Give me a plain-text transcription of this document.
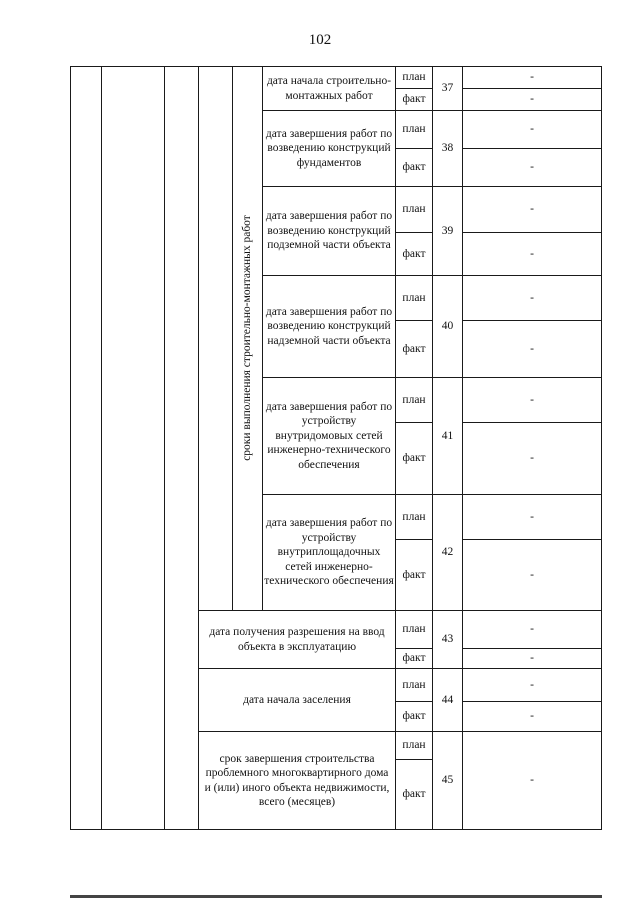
102
сроки выполнения строительно-монтажных работ
дата начала строительно-монтажных работ
план
факт
37
-
-
дата завершения работ по возведению конструкций фундаментов
план
факт
38
-
-
дата завершения работ по возведению конструкций подземной части объекта
план
факт
39
-
-
дата завершения работ по возведению конструкций надземной части объекта
план
факт
40
-
-
дата завершения работ по устройству внутридомовых сетей инженерно-технического обеспечения
план
факт
41
-
-
дата завершения работ по устройству внутриплощадочных сетей инженерно-технического обеспечения
план
факт
42
-
-
дата получения разрешения на ввод объекта в эксплуатацию
план
факт
43
-
-
дата начала заселения
план
факт
44
-
-
срок завершения строительства проблемного многоквартирного дома и (или) иного объекта недвижимости, всего (месяцев)
план
факт
45	-
